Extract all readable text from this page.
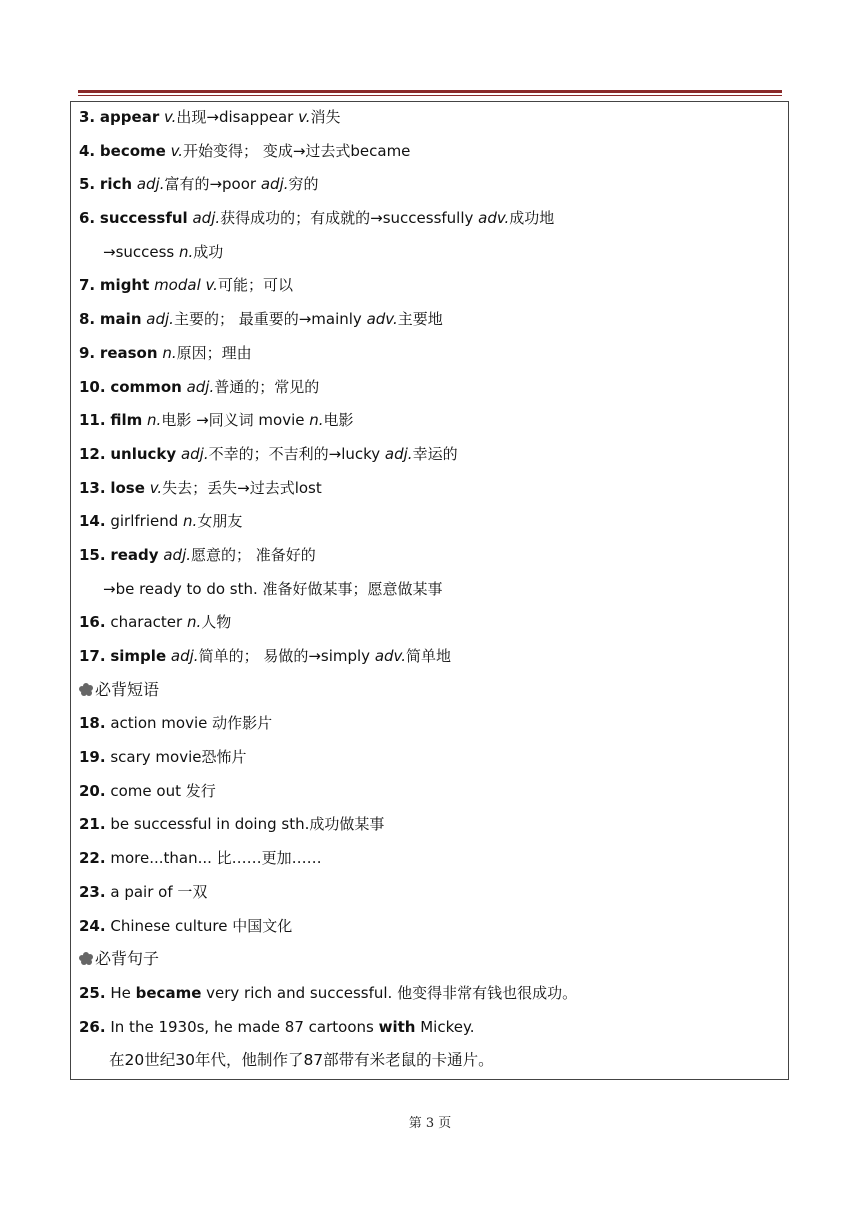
3. appear v.出现→disappear v.消失
4. become v.开始变得； 变成→过去式became
5. rich adj.富有的→poor adj.穷的
6. successful adj.获得成功的；有成就的→successfully adv.成功地
→success n.成功
7. might modal v.可能；可以
8. main adj.主要的； 最重要的→mainly adv.主要地
9. reason n.原因；理由
10. common adj.普通的；常见的
11. film n.电影 →同义词 movie n.电影
12. unlucky adj.不幸的；不吉利的→lucky adj.幸运的
13. lose v.失去；丢失→过去式lost
14. girlfriend n.女朋友
15. ready adj.愿意的； 准备好的
→be ready to do sth. 准备好做某事；愿意做某事
16. character n.人物
17. simple adj.简单的； 易做的→simply adv.简单地
必背短语
18. action movie 动作影片
19. scary movie恐怖片
20. come out 发行
21. be successful in doing sth.成功做某事
22. more...than... 比……更加……
23. a pair of 一双
24. Chinese culture 中国文化
必背句子
25. He became very rich and successful. 他变得非常有钱也很成功。
26. In the 1930s, he made 87 cartoons with Mickey.
在20世纪30年代，他制作了87部带有米老鼠的卡通片。
第 3 页
